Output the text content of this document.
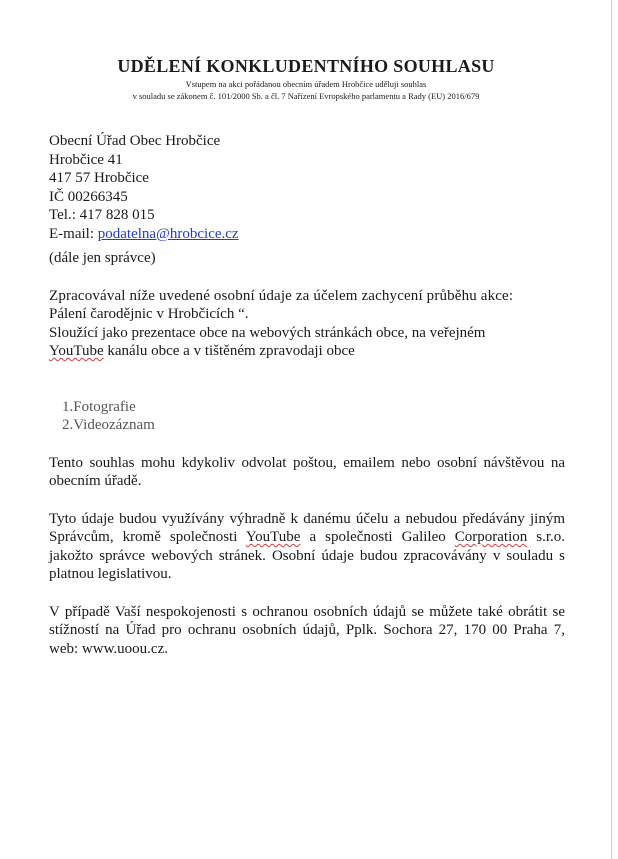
UDĚLENÍ KONKLUDENTNÍHO SOUHLASU

Vstupem na akci pořádanou obecním úřadem Hrobčice uděluji souhlas

v souladu se zákonem č. 101/2000 Sb. a čl. 7 Nařízení Evropského parlamentu a Rady (EU) 2016/679

Obecní Úřad Obec Hrobčice
Hrobčice 41
417 57 Hrobčice
IČ 00266345
Tel.: 417 828 015
E-mail: podatelna@hrobcice.cz
(dále jen správce)
Zpracovával níže uvedené osobní údaje za účelem zachycení průběhu akce:
Pálení čarodějnic v Hrobčicích “.
Sloužící jako prezentace obce na webových stránkách obce, na veřejném
YouTube kanálu obce a v tištěném zpravodaji obce
1.Fotografie
2.Videozáznam

Tento souhlas mohu kdykoliv odvolat poštou, emailem nebo osobní návštěvou na obecním úřadě.

Tyto údaje budou využívány výhradně k danému účelu a nebudou předávány jiným Správcům, kromě společnosti YouTube a společnosti Galileo Corporation s.r.o. jakožto správce webových stránek. Osobní údaje budou zpracovávány v souladu s platnou legislativou.

V případě Vaší nespokojenosti s ochranou osobních údajů se můžete také obrátit se stížností na Úřad pro ochranu osobních údajů, Pplk. Sochora 27, 170 00 Praha 7, web: www.uoou.cz.
